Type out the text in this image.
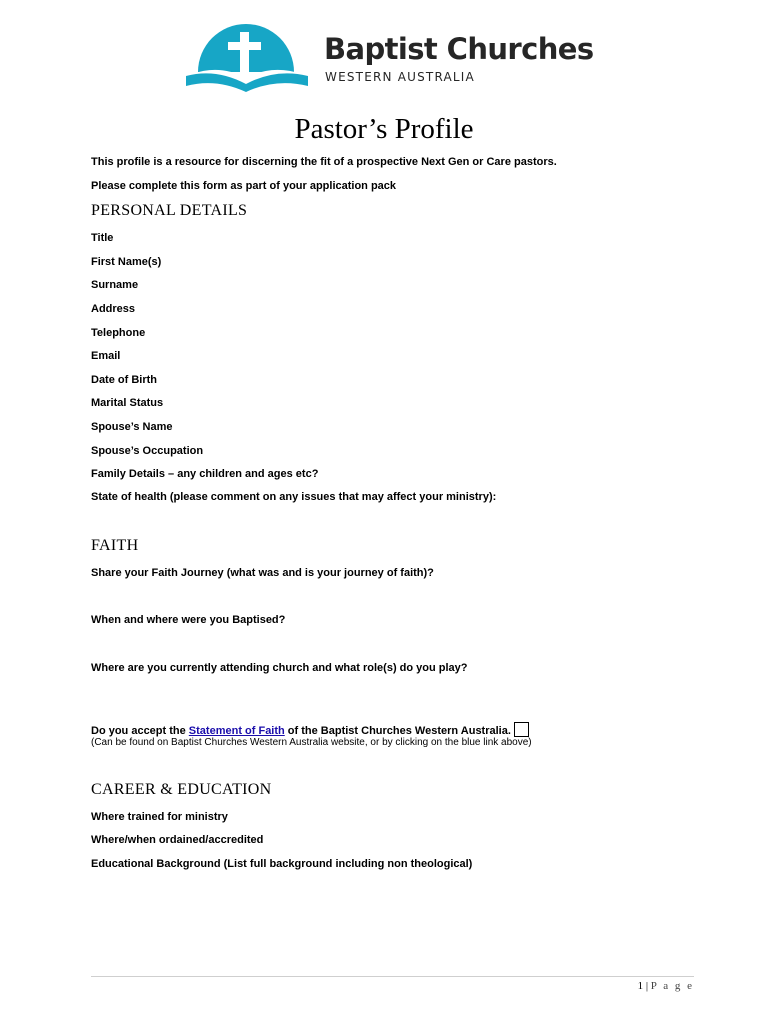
Baptist Churches
WESTERN AUSTRALIA
Pastor’s Profile
This profile is a resource for discerning the fit of a prospective Next Gen or Care pastors.
Please complete this form as part of your application pack
PERSONAL DETAILS
Title
First Name(s)
Surname
Address
Telephone
Email
Date of Birth
Marital Status
Spouse’s Name
Spouse’s Occupation
Family Details – any children and ages etc?
State of health (please comment on any issues that may affect your ministry):
FAITH
Share your Faith Journey (what was and is your journey of faith)?
When and where were you Baptised?
Where are you currently attending church and what role(s) do you play?
Do you accept the Statement of Faith of the Baptist Churches Western Australia.
(Can be found on Baptist Churches Western Australia website, or by clicking on the blue link above)
CAREER & EDUCATION
Where trained for ministry
Where/when ordained/accredited
Educational Background (List full background including non theological)
1 | P a g e
